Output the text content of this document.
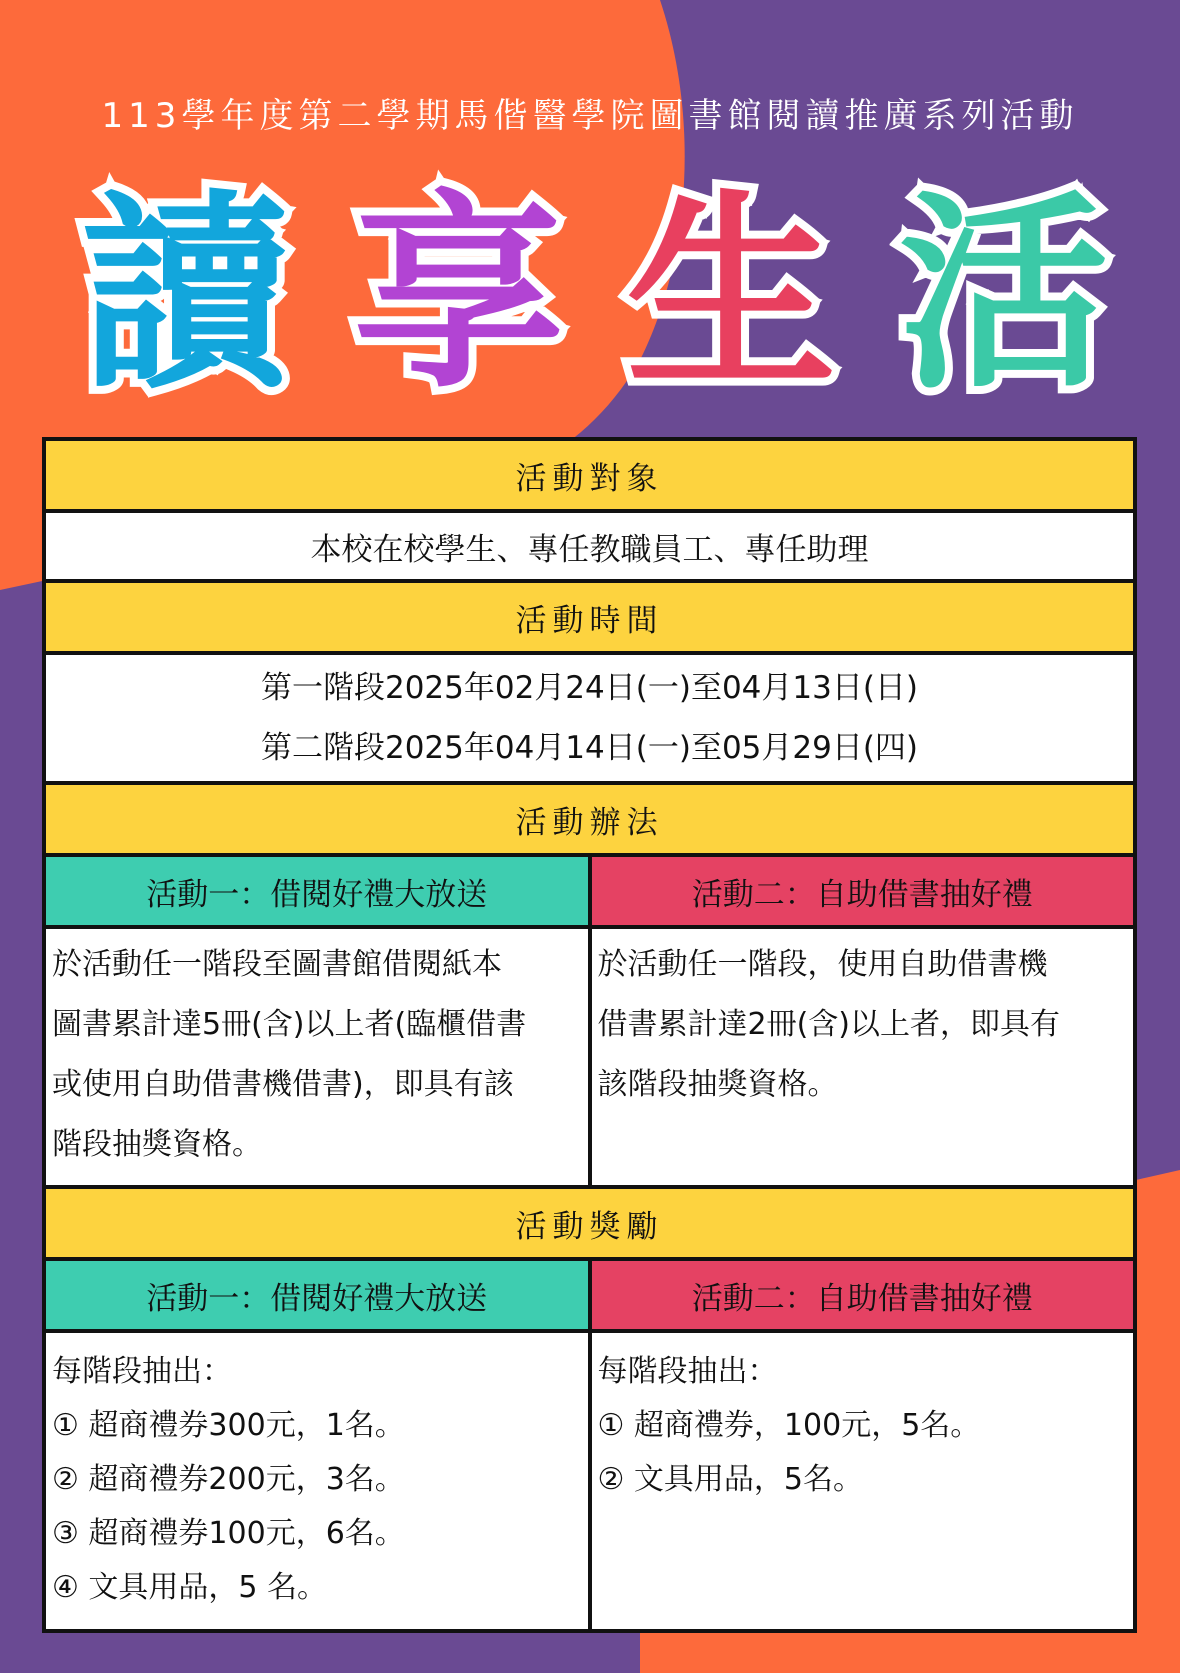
113學年度第二學期馬偕醫學院圖書館閱讀推廣系列活動
讀 享 生 活
活動對象
本校在校學生、專任教職員工、專任助理
活動時間
第一階段2025年02月24日(一)至04月13日(日)
第二階段2025年04月14日(一)至05月29日(四)
活動辦法
活動一：借閱好禮大放送	活動二：自助借書抽好禮
於活動任一階段至圖書館借閱紙本
圖書累計達5冊(含)以上者(臨櫃借書
或使用自助借書機借書)，即具有該
階段抽獎資格。
於活動任一階段，使用自助借書機
借書累計達2冊(含)以上者，即具有
該階段抽獎資格。
活動獎勵
活動一：借閱好禮大放送	活動二：自助借書抽好禮
每階段抽出：
① 超商禮券300元，1名。
② 超商禮券200元，3名。
③ 超商禮券100元，6名。
④ 文具用品，5 名。
每階段抽出：
① 超商禮券，100元，5名。
② 文具用品，5名。
